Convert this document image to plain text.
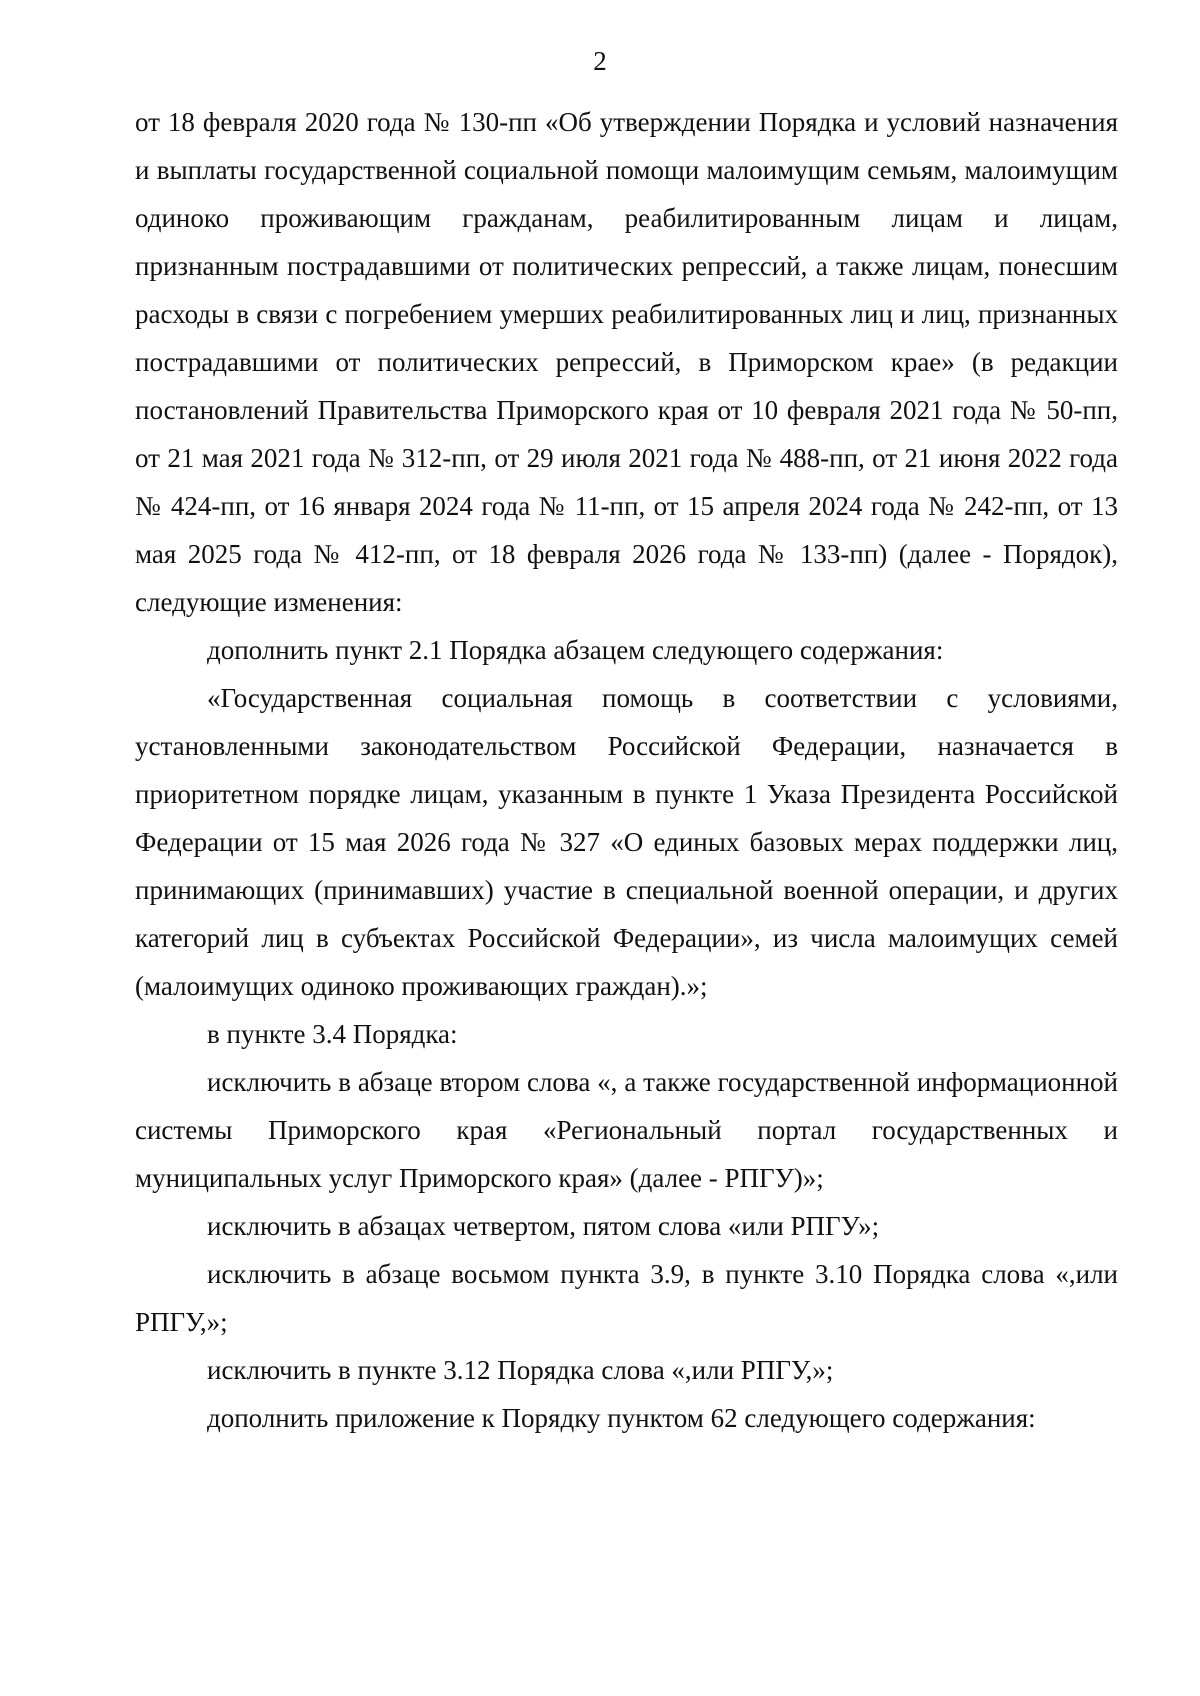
2

от 18 февраля 2020 года № 130-пп «Об утверждении Порядка и условий назначения и выплаты государственной социальной помощи малоимущим семьям, малоимущим одиноко проживающим гражданам, реабилитированным лицам и лицам, признанным пострадавшими от политических репрессий, а также лицам, понесшим расходы в связи с погребением умерших реабилитированных лиц и лиц, признанных пострадавшими от политических репрессий, в Приморском крае» (в редакции постановлений Правительства Приморского края от 10 февраля 2021 года № 50-пп, от 21 мая 2021 года № 312-пп, от 29 июля 2021 года № 488-пп, от 21 июня 2022 года № 424-пп, от 16 января 2024 года № 11-пп, от 15 апреля 2024 года № 242-пп, от 13 мая 2025 года № 412-пп, от 18 февраля 2026 года № 133-пп) (далее - Порядок), следующие изменения:

дополнить пункт 2.1 Порядка абзацем следующего содержания:

«Государственная социальная помощь в соответствии с условиями, установленными законодательством Российской Федерации, назначается в приоритетном порядке лицам, указанным в пункте 1 Указа Президента Российской Федерации от 15 мая 2026 года № 327 «О единых базовых мерах поддержки лиц, принимающих (принимавших) участие в специальной военной операции, и других категорий лиц в субъектах Российской Федерации», из числа малоимущих семей (малоимущих одиноко проживающих граждан).»;

в пункте 3.4 Порядка:

исключить в абзаце втором слова «, а также государственной информационной системы Приморского края «Региональный портал государственных и муниципальных услуг Приморского края» (далее - РПГУ)»;

исключить в абзацах четвертом, пятом слова «или РПГУ»;

исключить в абзаце восьмом пункта 3.9, в пункте 3.10 Порядка слова «,или РПГУ,»;

исключить в пункте 3.12 Порядка слова «,или РПГУ,»;

дополнить приложение к Порядку пунктом 62 следующего содержания:
